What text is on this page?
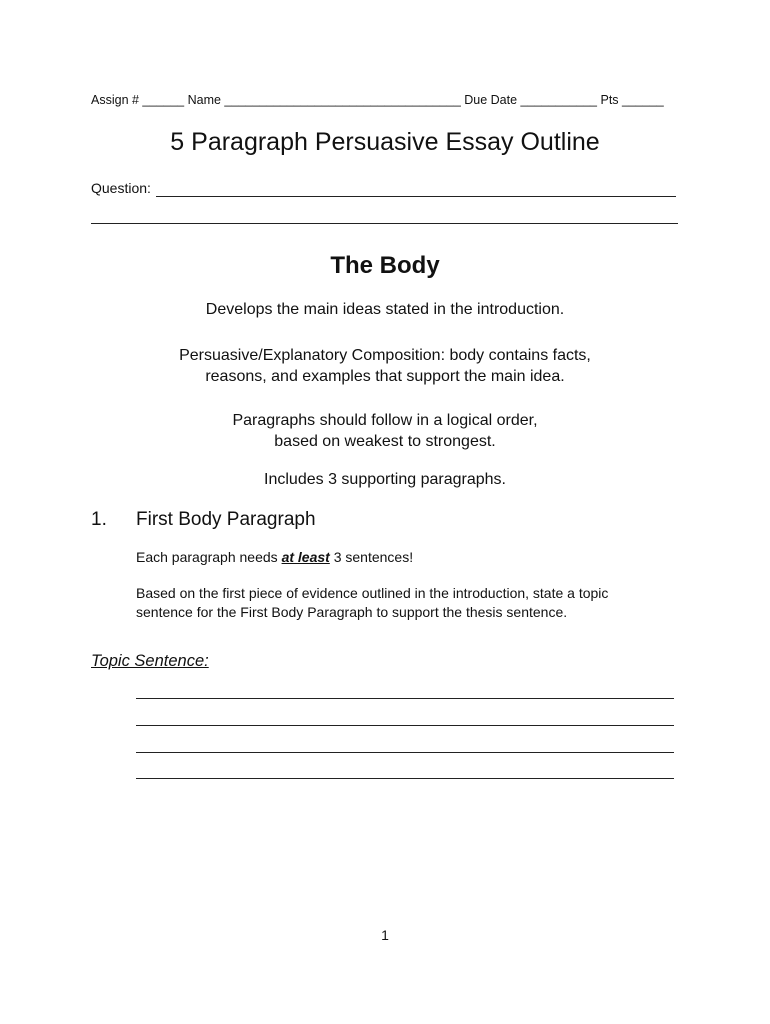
Assign # ______ Name __________________________________ Due Date ___________ Pts ______
5 Paragraph Persuasive Essay Outline
Question:
The Body
Develops the main ideas stated in the introduction.
Persuasive/Explanatory Composition: body contains facts,
reasons, and examples that support the main idea.
Paragraphs should follow in a logical order,
based on weakest to strongest.
Includes 3 supporting paragraphs.
1. First Body Paragraph
Each paragraph needs at least 3 sentences!
Based on the first piece of evidence outlined in the introduction, state a topic
sentence for the First Body Paragraph to support the thesis sentence.
Topic Sentence:
1
